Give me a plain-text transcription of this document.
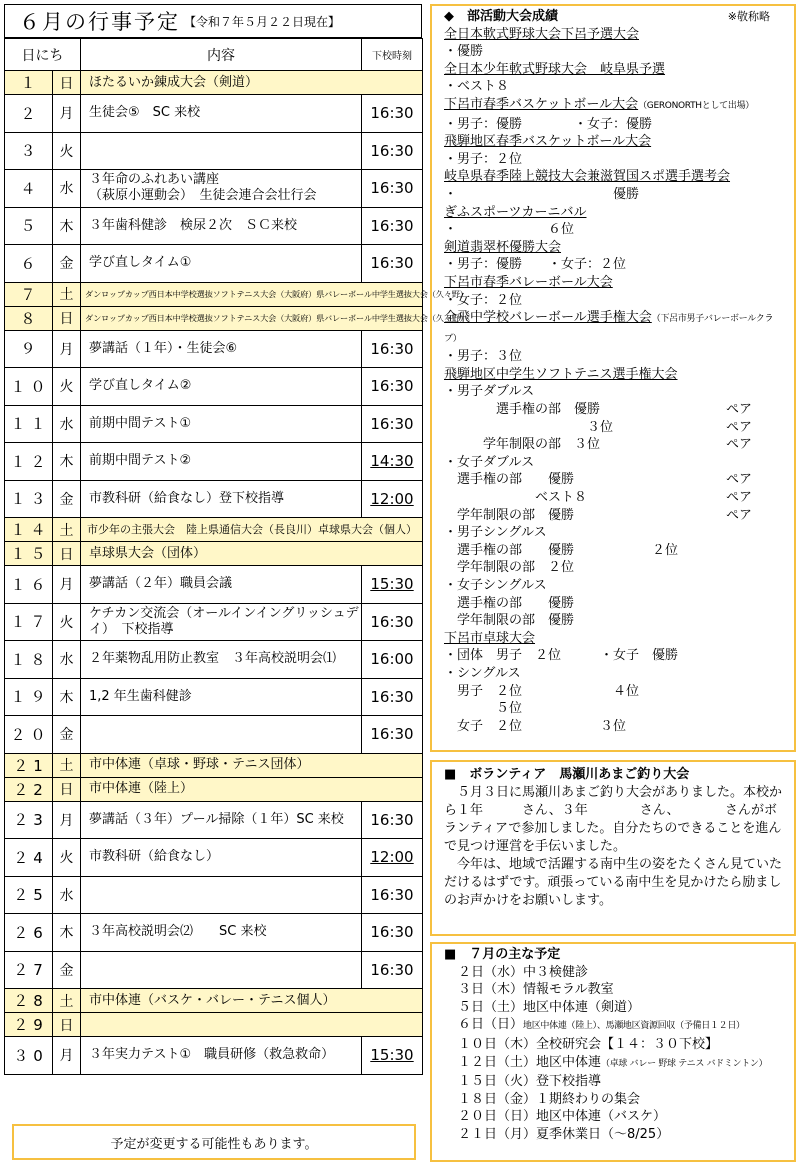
６月の行事予定 【令和７年５月２２日現在】
日にち		内容	下校時刻
１	日	ほたるいか錬成大会（剣道）	
２	月	生徒会⑤　SC 来校	16:30
３	火		16:30
４	水	３年命のふれあい講座
（萩原小運動会）　生徒会連合会壮行会	16:30
５	木	３年歯科健診　検尿２次　ＳＣ来校	16:30
６	金	学び直しタイム①	16:30
７	土	ダンロップカップ西日本中学校選抜ソフトテニス大会（大阪府）県バレーボール中学生選抜大会（久々野）	
８	日	ダンロップカップ西日本中学校選抜ソフトテニス大会（大阪府）県バレーボール中学生選抜大会（久々野）	
９	月	夢講話（１年）・生徒会⑥	16:30
１０	火	学び直しタイム②	16:30
１１	水	前期中間テスト①	16:30
１２	木	前期中間テスト②	14:30
１３	金	市教科研（給食なし）登下校指導	12:00
１４	土	市少年の主張大会　陸上県通信大会（長良川）卓球県大会（個人）	
１５	日	卓球県大会（団体）	
１６	月	夢講話（２年）職員会議	15:30
１７	火	ケチカン交流会（オールインイングリッシュデイ）　下校指導	16:30
１８	水	２年薬物乱用防止教室　３年高校説明会⑴	16:00
１９	木	1,2 年生歯科健診	16:30
２０	金		16:30
２1	土	市中体連（卓球・野球・テニス団体）	
２2	日	市中体連（陸上）	
２3	月	夢講話（３年）プール掃除（１年）SC 来校	16:30
２4	火	市教科研（給食なし）	12:00
２5	水		16:30
２6	木	３年高校説明会⑵　　SC 来校	16:30
２7	金		16:30
２8	土	市中体連（バスケ・バレー・テニス個人）	
２9	日		
３0	月	３年実力テスト①　職員研修（救急救命）	15:30
予定が変更する可能性もあります。
◆　部活動大会成績	※敬称略
全日本軟式野球大会下呂予選大会
・優勝
全日本少年軟式野球大会　岐阜県予選
・ベスト８
下呂市春季バスケットボール大会（GERONORTHとして出場）
・男子：優勝　　　　・女子：優勝
飛騨地区春季バスケットボール大会
・男子：２位
岐阜県春季陸上競技大会兼滋賀国スポ選手選考会
・　　　　　　　　　　　　優勝
ぎふスポーツカーニバル
・　　　　　　　６位
剣道翡翠杯優勝大会
・男子：優勝　　・女子：２位
下呂市春季バレーボール大会
・女子：２位
全飛中学校バレーボール選手権大会（下呂市男子バレーボールクラブ）
・男子：３位
飛騨地区中学生ソフトテニス選手権大会
・男子ダブルス
　　　　選手権の部　優勝	ペア
　　　　　　　　　　　３位	ペア
　　　学年制限の部　３位	ペア
・女子ダブルス
　選手権の部　　優勝	ペア
　　　　　　　ベスト８	ペア
　学年制限の部　優勝	ペア
・男子シングルス
　選手権の部　　優勝　　　　　　２位
　学年制限の部　２位
・女子シングルス
　選手権の部　　優勝
　学年制限の部　優勝
下呂市卓球大会
・団体　男子　２位　　　・女子　優勝
・シングルス
　男子　２位　　　　　　　４位
　　　　５位
　女子　２位　　　　　　３位
■　ボランティア　馬瀬川あまご釣り大会

　５月３日に馬瀬川あまご釣り大会がありました。本校から１年　　　さん、３年　　　　さん、　　　　さんがボランティアで参加しました。自分たちのできることを進んで見つけ運営を手伝いました。

　今年は、地域で活躍する南中生の姿をたくさん見ていただけるはずです。頑張っている南中生を見かけたら励ましのお声かけをお願いします。

■　７月の主な予定
２日（水）中３検健診
３日（木）情報モラル教室
５日（土）地区中体連（剣道）
６日（日）地区中体連（陸上）、馬瀬地区資源回収（予備日１２日）
１０日（木）全校研究会【１４：３０下校】
１２日（土）地区中体連（卓球 バレー 野球 テニス バドミントン）
１５日（火）登下校指導
１８日（金）１期終わりの集会
２０日（日）地区中体連（バスケ）
２１日（月）夏季休業日（～8/25）
